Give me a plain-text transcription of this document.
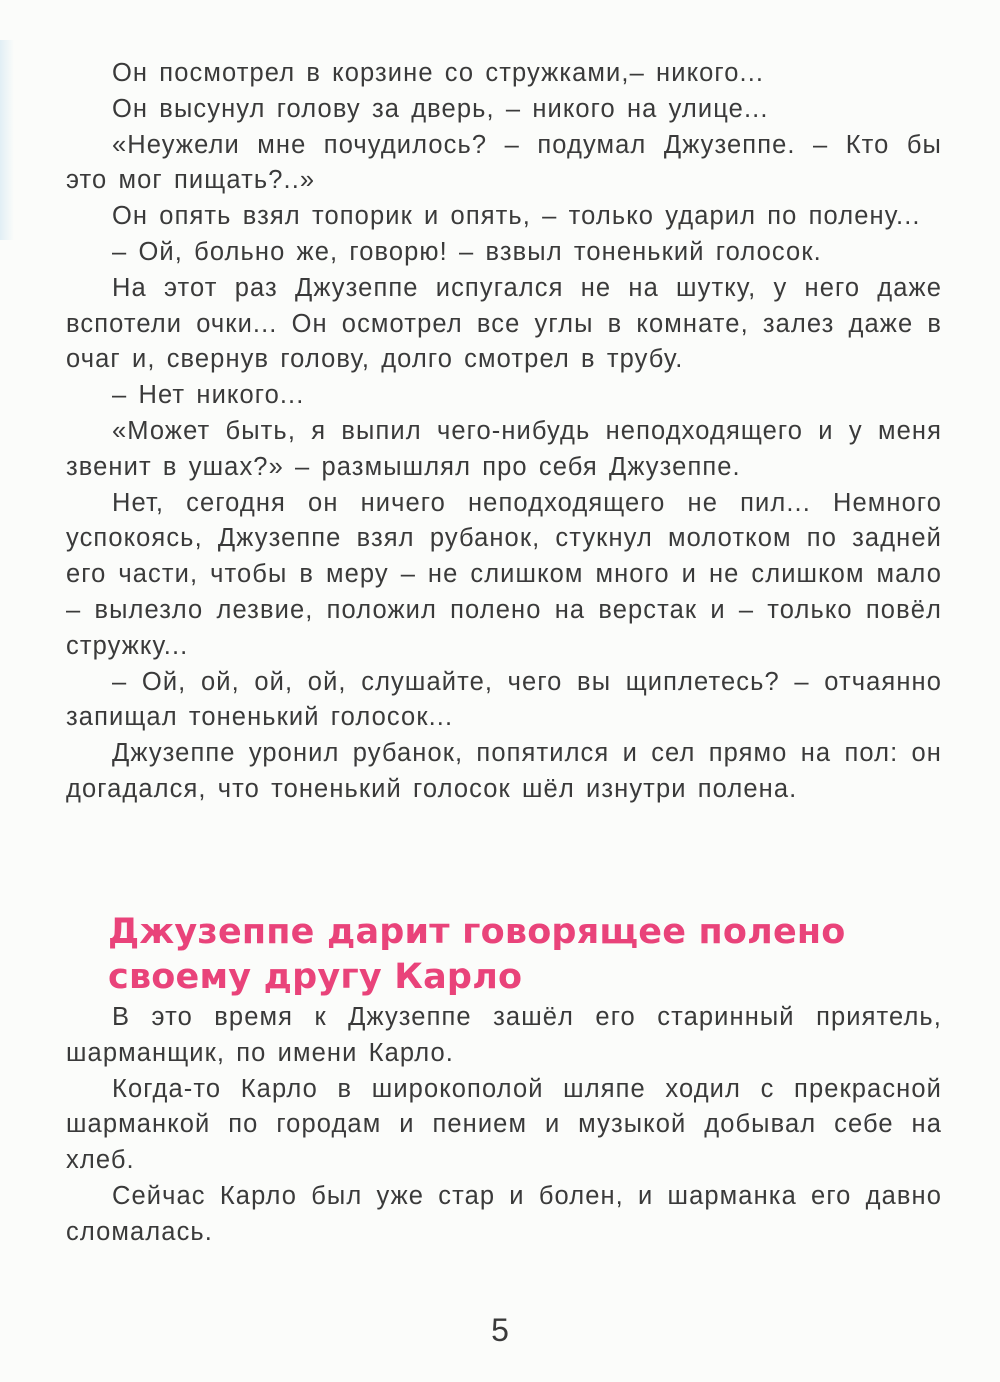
Он посмотрел в корзине со стружками,– никого...

Он высунул голову за дверь, – никого на улице...

«Неужели мне почудилось? – подумал Джузеппе. – Кто бы это мог пищать?..»

Он опять взял топорик и опять, – только ударил по полену...

– Ой, больно же, говорю! – взвыл тоненький голосок.

На этот раз Джузеппе испугался не на шутку, у него даже вспотели очки... Он осмотрел все углы в комнате, залез даже в очаг и, свернув голову, долго смотрел в трубу.

– Нет никого...

«Может быть, я выпил чего-нибудь неподходящего и у меня звенит в ушах?» – размышлял про себя Джузеппе.

Нет, сегодня он ничего неподходящего не пил... Немного успокоясь, Джузеппе взял рубанок, стукнул молотком по задней его части, чтобы в меру – не слишком много и не слишком мало – вылезло лезвие, положил полено на верстак и – только повёл стружку...

– Ой, ой, ой, ой, слушайте, чего вы щиплетесь? – отчаянно запищал тоненький голосок...

Джузеппе уронил рубанок, попятился и сел прямо на пол: он догадался, что тоненький голосок шёл изнутри полена.

Джузеппе дарит говорящее полено
своему другу Карло

В это время к Джузеппе зашёл его старинный приятель, шарманщик, по имени Карло.

Когда-то Карло в широкополой шляпе ходил с прекрасной шарманкой по городам и пением и музыкой добывал себе на хлеб.

Сейчас Карло был уже стар и болен, и шарманка его давно сломалась.

5
